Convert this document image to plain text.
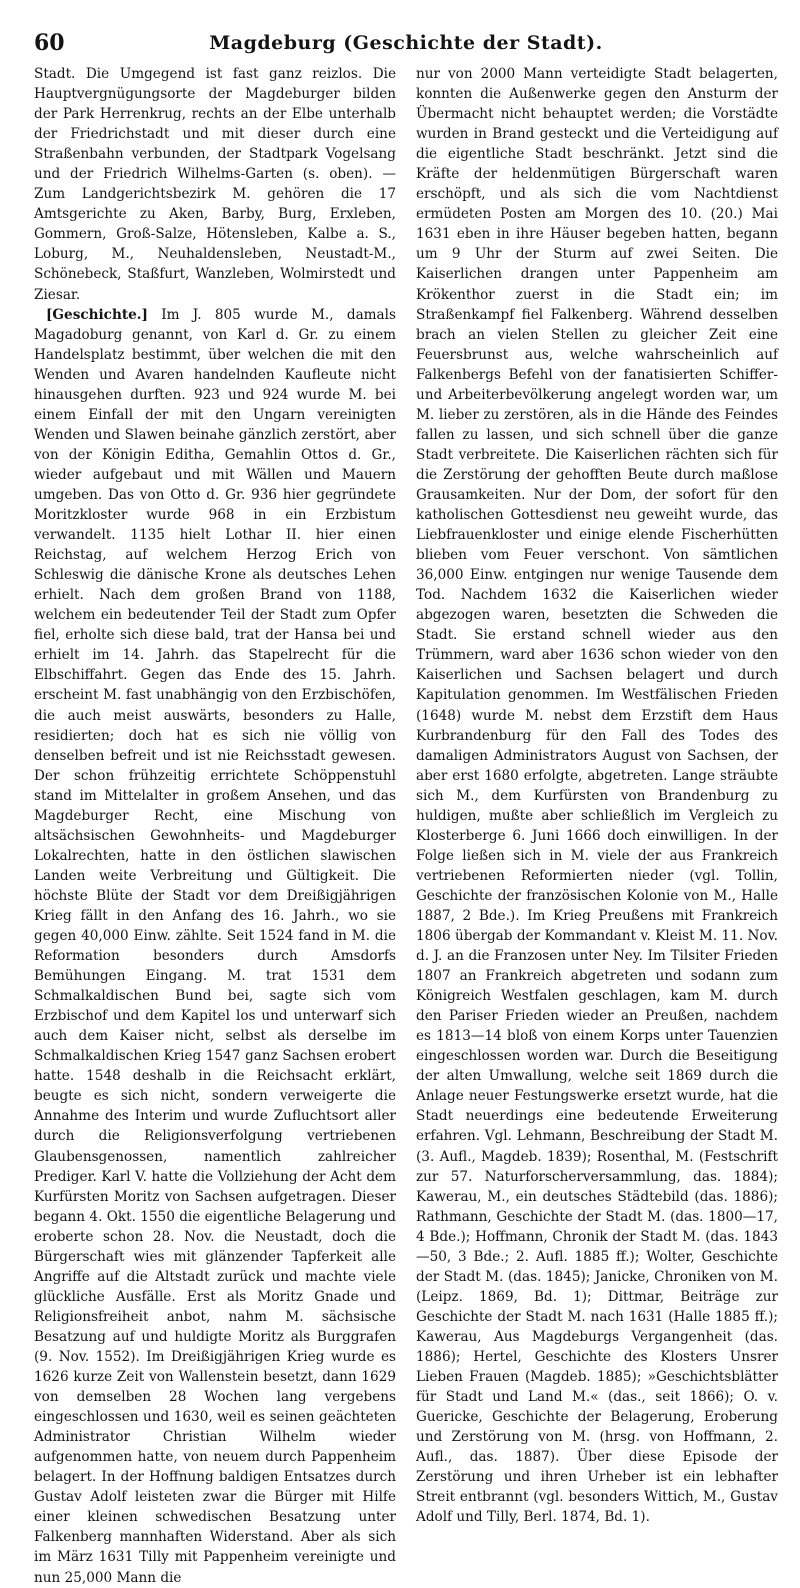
60	Magdeburg (Geschichte der Stadt).

Stadt. Die Umgegend ist fast ganz reizlos. Die Hauptvergnügungsorte der Magdeburger bilden der Park Herrenkrug, rechts an der Elbe unterhalb der Friedrichstadt und mit dieser durch eine Straßenbahn verbunden, der Stadtpark Vogelsang und der Friedrich Wilhelms-Garten (s. oben). — Zum Landgerichtsbezirk M. gehören die 17 Amtsgerichte zu Aken, Barby, Burg, Erxleben, Gommern, Groß-Salze, Hötensleben, Kalbe a. S., Loburg, M., Neuhaldensleben, Neustadt-M., Schönebeck, Staßfurt, Wanzleben, Wolmirstedt und Ziesar.

[Geschichte.] Im J. 805 wurde M., damals Magadoburg genannt, von Karl d. Gr. zu einem Handelsplatz bestimmt, über welchen die mit den Wenden und Avaren handelnden Kaufleute nicht hinausgehen durften. 923 und 924 wurde M. bei einem Einfall der mit den Ungarn vereinigten Wenden und Slawen beinahe gänzlich zerstört, aber von der Königin Editha, Gemahlin Ottos d. Gr., wieder aufgebaut und mit Wällen und Mauern umgeben. Das von Otto d. Gr. 936 hier gegründete Moritzkloster wurde 968 in ein Erzbistum verwandelt. 1135 hielt Lothar II. hier einen Reichstag, auf welchem Herzog Erich von Schleswig die dänische Krone als deutsches Lehen erhielt. Nach dem großen Brand von 1188, welchem ein bedeutender Teil der Stadt zum Opfer fiel, erholte sich diese bald, trat der Hansa bei und erhielt im 14. Jahrh. das Stapelrecht für die Elbschiffahrt. Gegen das Ende des 15. Jahrh. erscheint M. fast unabhängig von den Erzbischöfen, die auch meist auswärts, besonders zu Halle, residierten; doch hat es sich nie völlig von denselben befreit und ist nie Reichsstadt gewesen. Der schon frühzeitig errichtete Schöppenstuhl stand im Mittelalter in großem Ansehen, und das Magdeburger Recht, eine Mischung von altsächsischen Gewohnheits- und Magdeburger Lokalrechten, hatte in den östlichen slawischen Landen weite Verbreitung und Gültigkeit. Die höchste Blüte der Stadt vor dem Dreißigjährigen Krieg fällt in den Anfang des 16. Jahrh., wo sie gegen 40,000 Einw. zählte. Seit 1524 fand in M. die Reformation besonders durch Amsdorfs Bemühungen Eingang. M. trat 1531 dem Schmalkaldischen Bund bei, sagte sich vom Erzbischof und dem Kapitel los und unterwarf sich auch dem Kaiser nicht, selbst als derselbe im Schmalkaldischen Krieg 1547 ganz Sachsen erobert hatte. 1548 deshalb in die Reichsacht erklärt, beugte es sich nicht, sondern verweigerte die Annahme des Interim und wurde Zufluchtsort aller durch die Religionsverfolgung vertriebenen Glaubensgenossen, namentlich zahlreicher Prediger. Karl V. hatte die Vollziehung der Acht dem Kurfürsten Moritz von Sachsen aufgetragen. Dieser begann 4. Okt. 1550 die eigentliche Belagerung und eroberte schon 28. Nov. die Neustadt, doch die Bürgerschaft wies mit glänzender Tapferkeit alle Angriffe auf die Altstadt zurück und machte viele glückliche Ausfälle. Erst als Moritz Gnade und Religionsfreiheit anbot, nahm M. sächsische Besatzung auf und huldigte Moritz als Burggrafen (9. Nov. 1552). Im Dreißigjährigen Krieg wurde es 1626 kurze Zeit von Wallenstein besetzt, dann 1629 von demselben 28 Wochen lang vergebens eingeschlossen und 1630, weil es seinen geächteten Administrator Christian Wilhelm wieder aufgenommen hatte, von neuem durch Pappenheim belagert. In der Hoffnung baldigen Entsatzes durch Gustav Adolf leisteten zwar die Bürger mit Hilfe einer kleinen schwedischen Besatzung unter Falkenberg mannhaften Widerstand. Aber als sich im März 1631 Tilly mit Pappenheim vereinigte und nun 25,000 Mann die

nur von 2000 Mann verteidigte Stadt belagerten, konnten die Außenwerke gegen den Ansturm der Übermacht nicht behauptet werden; die Vorstädte wurden in Brand gesteckt und die Verteidigung auf die eigentliche Stadt beschränkt. Jetzt sind die Kräfte der heldenmütigen Bürgerschaft waren erschöpft, und als sich die vom Nachtdienst ermüdeten Posten am Morgen des 10. (20.) Mai 1631 eben in ihre Häuser begeben hatten, begann um 9 Uhr der Sturm auf zwei Seiten. Die Kaiserlichen drangen unter Pappenheim am Krökenthor zuerst in die Stadt ein; im Straßenkampf fiel Falkenberg. Während desselben brach an vielen Stellen zu gleicher Zeit eine Feuersbrunst aus, welche wahrscheinlich auf Falkenbergs Befehl von der fanatisierten Schiffer- und Arbeiterbevölkerung angelegt worden war, um M. lieber zu zerstören, als in die Hände des Feindes fallen zu lassen, und sich schnell über die ganze Stadt verbreitete. Die Kaiserlichen rächten sich für die Zerstörung der gehofften Beute durch maßlose Grausamkeiten. Nur der Dom, der sofort für den katholischen Gottesdienst neu geweiht wurde, das Liebfrauenkloster und einige elende Fischerhütten blieben vom Feuer verschont. Von sämtlichen 36,000 Einw. entgingen nur wenige Tausende dem Tod. Nachdem 1632 die Kaiserlichen wieder abgezogen waren, besetzten die Schweden die Stadt. Sie erstand schnell wieder aus den Trümmern, ward aber 1636 schon wieder von den Kaiserlichen und Sachsen belagert und durch Kapitulation genommen. Im Westfälischen Frieden (1648) wurde M. nebst dem Erzstift dem Haus Kurbrandenburg für den Fall des Todes des damaligen Administrators August von Sachsen, der aber erst 1680 erfolgte, abgetreten. Lange sträubte sich M., dem Kurfürsten von Brandenburg zu huldigen, mußte aber schließlich im Vergleich zu Klosterberge 6. Juni 1666 doch einwilligen. In der Folge ließen sich in M. viele der aus Frankreich vertriebenen Reformierten nieder (vgl. Tollin, Geschichte der französischen Kolonie von M., Halle 1887, 2 Bde.). Im Krieg Preußens mit Frankreich 1806 übergab der Kommandant v. Kleist M. 11. Nov. d. J. an die Franzosen unter Ney. Im Tilsiter Frieden 1807 an Frankreich abgetreten und sodann zum Königreich Westfalen geschlagen, kam M. durch den Pariser Frieden wieder an Preußen, nachdem es 1813—14 bloß von einem Korps unter Tauenzien eingeschlossen worden war. Durch die Beseitigung der alten Umwallung, welche seit 1869 durch die Anlage neuer Festungswerke ersetzt wurde, hat die Stadt neuerdings eine bedeutende Erweiterung erfahren. Vgl. Lehmann, Beschreibung der Stadt M. (3. Aufl., Magdeb. 1839); Rosenthal, M. (Festschrift zur 57. Naturforscherversammlung, das. 1884); Kawerau, M., ein deutsches Städtebild (das. 1886); Rathmann, Geschichte der Stadt M. (das. 1800—17, 4 Bde.); Hoffmann, Chronik der Stadt M. (das. 1843—50, 3 Bde.; 2. Aufl. 1885 ff.); Wolter, Geschichte der Stadt M. (das. 1845); Janicke, Chroniken von M. (Leipz. 1869, Bd. 1); Dittmar, Beiträge zur Geschichte der Stadt M. nach 1631 (Halle 1885 ff.); Kawerau, Aus Magdeburgs Vergangenheit (das. 1886); Hertel, Geschichte des Klosters Unsrer Lieben Frauen (Magdeb. 1885); »Geschichtsblätter für Stadt und Land M.« (das., seit 1866); O. v. Guericke, Geschichte der Belagerung, Eroberung und Zerstörung von M. (hrsg. von Hoffmann, 2. Aufl., das. 1887). Über diese Episode der Zerstörung und ihren Urheber ist ein lebhafter Streit entbrannt (vgl. besonders Wittich, M., Gustav Adolf und Tilly, Berl. 1874, Bd. 1).
